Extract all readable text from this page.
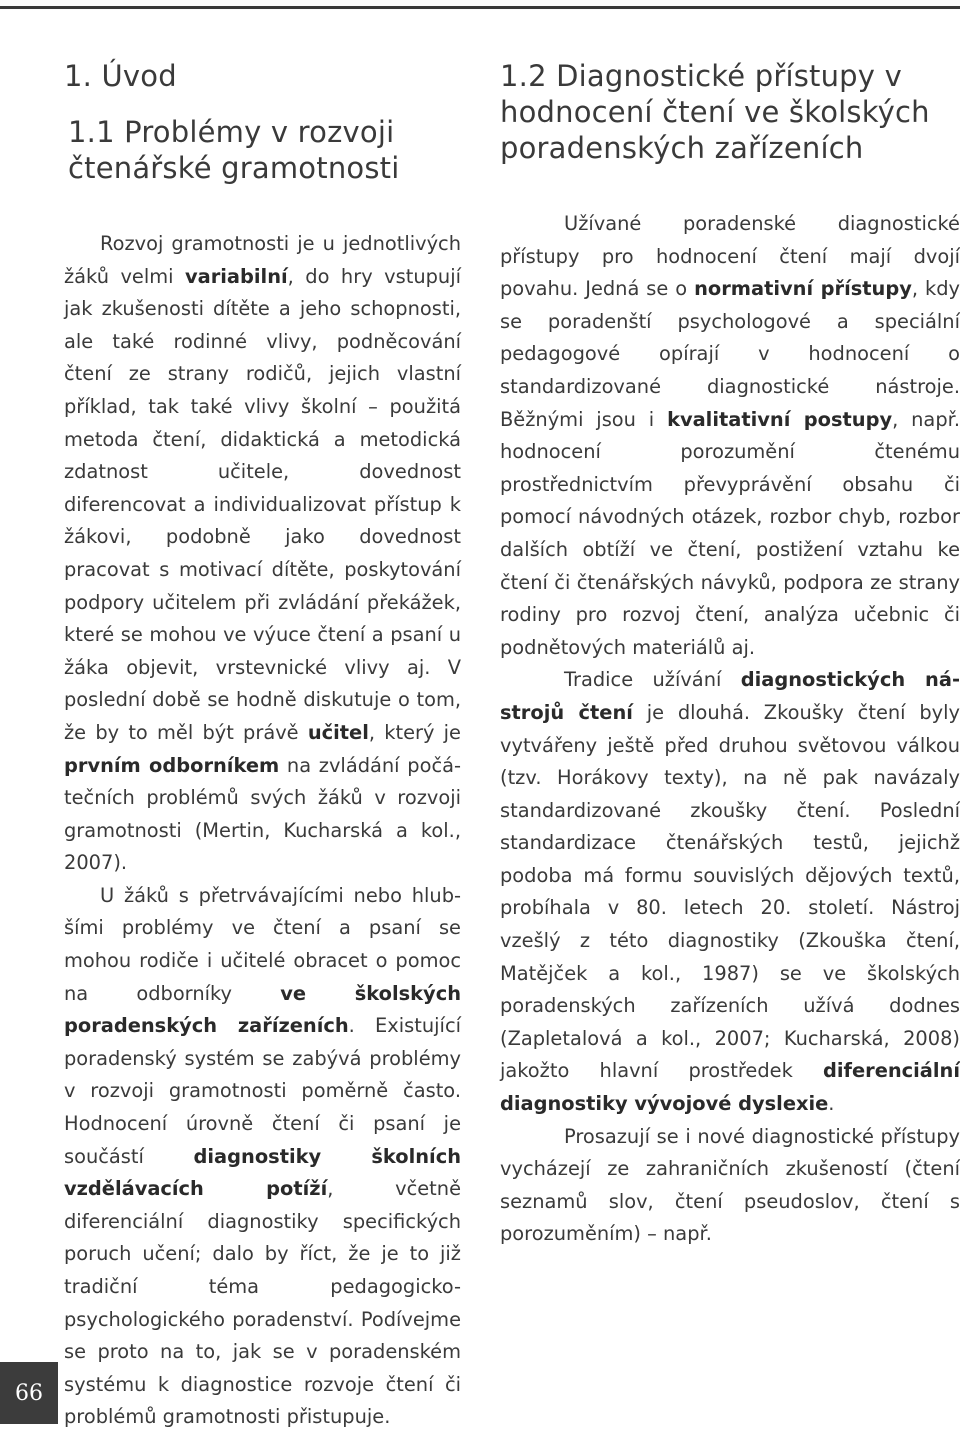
1. Úvod
1.1 Problémy v rozvoji čtenářské gramotnosti

Rozvoj gramotnosti je u jednotlivých žáků velmi variabilní, do hry vstupují jak zkušenosti dítěte a jeho schopnosti, ale také rodinné vlivy, podněcování čtení ze strany rodičů, jejich vlastní příklad, tak také vlivy školní – použitá metoda čtení, didaktická a metodická zdatnost učitele, dovednost diferencovat a individualizovat přístup k žákovi, podobně jako dovednost pracovat s motivací dítěte, poskytování podpory učitelem při zvládání překážek, které se mohou ve výuce čtení a psaní u žáka objevit, vrstevnické vlivy aj. V poslední době se hodně diskutuje o tom, že by to měl být právě učitel, který je prvním odborníkem na zvládání počátečních problémů svých žáků v rozvoji gramotnosti (Mertin, Kucharská a kol., 2007).

U žáků s přetrvávajícími nebo hlubšími problémy ve čtení a psaní se mohou rodiče i učitelé obracet o pomoc na odborníky ve školských poradenských zařízeních. Existující poradenský systém se zabývá problémy v rozvoji gramotnosti poměrně často. Hodnocení úrovně čtení či psaní je součástí diagnostiky školních vzdělávacích potíží, včetně diferenciální diagnostiky specifických poruch učení; dalo by říct, že je to již tradiční téma pedagogicko-psychologického poradenství. Podívejme se proto na to, jak se v poradenském systému k diagnostice rozvoje čtení či problémů gramotnosti přistupuje.

1.2 Diagnostické přístupy v hodnocení čtení ve školských poradenských zařízeních

Užívané poradenské diagnostické přístupy pro hodnocení čtení mají dvojí povahu. Jedná se o normativní přístupy, kdy se poradenští psychologové a speciální pedagogové opírají v hodnocení o standardizované diagnostické nástroje. Běžnými jsou i kvalitativní postupy, např. hodnocení porozumění čtenému prostřednictvím převyprávění obsahu či pomocí návodných otázek, rozbor chyb, rozbor dalších obtíží ve čtení, postižení vztahu ke čtení či čtenářských návyků, podpora ze strany rodiny pro rozvoj čtení, analýza učebnic či podnětových materiálů aj.

Tradice užívání diagnostických nástrojů čtení je dlouhá. Zkoušky čtení byly vytvářeny ještě před druhou světovou válkou (tzv. Horákovy texty), na ně pak navázaly standardizované zkoušky čtení. Poslední standardizace čtenářských testů, jejichž podoba má formu souvislých dějových textů, probíhala v 80. letech 20. století. Nástroj vzešlý z této diagnostiky (Zkouška čtení, Matějček a kol., 1987) se ve školských poradenských zařízeních užívá dodnes (Zapletalová a kol., 2007; Kucharská, 2008) jakožto hlavní prostředek diferenciální diagnostiky vývojové dyslexie.

Prosazují se i nové diagnostické přístupy vycházejí ze zahraničních zkušeností (čtení seznamů slov, čtení pseudoslov, čtení s porozuměním) – např.

66
